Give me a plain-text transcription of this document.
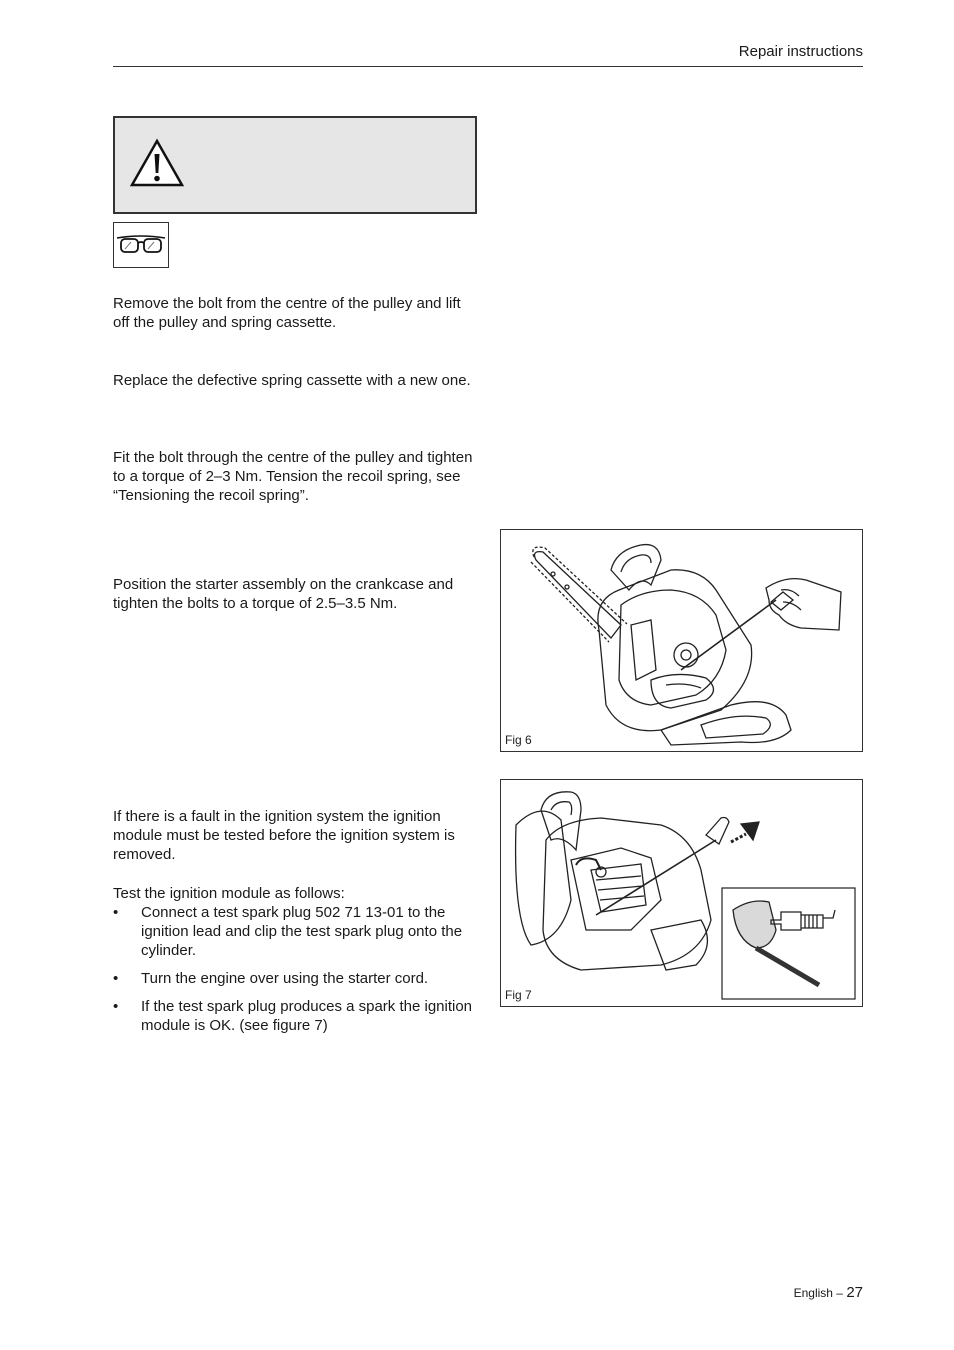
Repair instructions

Remove the bolt from the centre of the pulley and lift off the pulley and spring cassette.

Replace the defective spring cassette with a new one.

Fit the bolt through the centre of the pulley and tighten to a torque of 2–3 Nm. Tension the recoil spring, see “Tensioning the recoil spring”.

Position the starter assembly on the crankcase and tighten the bolts to a torque of 2.5–3.5 Nm.

If there is a fault in the ignition system the ignition module must be tested before the ignition system is removed.

Test the ignition module as follows:

•	Connect a test spark plug 502 71 13-01 to the ignition lead and clip the test spark plug onto the cylinder.
•	Turn the engine over using the starter cord.
•	If the test spark plug produces a spark the ignition module is OK. (see figure 7)
Fig 6
Fig 7
English – 27
